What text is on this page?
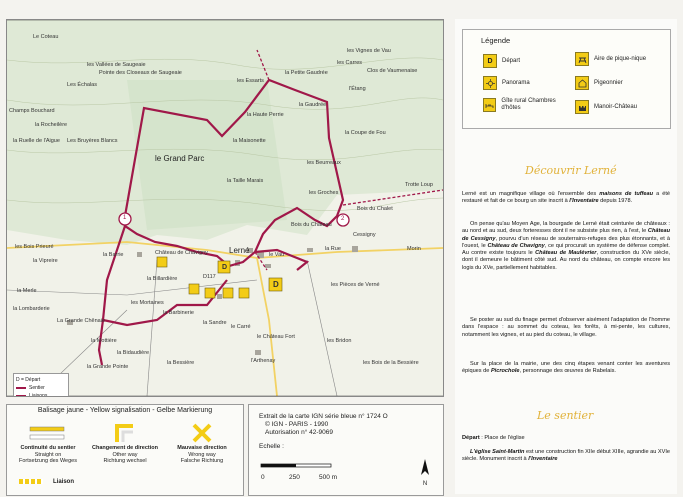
Le Coteau
les Vallées de Saugeaie
Pointe des Closeaux de Saugeaie
Les Échalas
Champs Bouchard
la Rocheilère
la Ruelle de l'Aigue Les Bruyères Blancs
le Grand Parc
la Maisonette
la Taille Marais
les Essarts
la Haute Perrie
la Petite Gaudrée
la Gaudrée
les Vignes de Vau
les Carres
Clos de Vaumenaise
l'Étang
la Coupe de Fou
les Beurreaux
les Groches
Trotte Loup
Bois du Chalet
Bois du Château
les Bois Prieuré
la Vipreire
la Barrie	Château de Chavigny	Lerné	le Vau
la Rue
Cessigny
Morin
les Pièces de Verné
la Merle
la Lombarderie
La Grande Chênaie
la Billardière
les Mortaines
la Barbinerie
le Carré
le Château Fort
les Bridon
l'Arthenay
la Bessière	les Bois de la Bessière
la Mottière
la Grande Pointe
la Bidaudière
la Sandre
D117
D
1	2
D
D = Départ
Sentier
Liaisons
Balisage jaune - Yellow signalisation - Gelbe Markierung
Continuité du sentier
Straight on
Fortsetzung des Weges
Changement de direction
Other way
Richtung wechsel
Mauvaise direction
Wrong way
Falsche Richtung
Liaison
Extrait de la carte IGN série bleue n° 1724 O
© IGN - PARIS - 1990
Autorisation n° 42-9069
Echelle :
0	250	500 m
N
Légende
D	Départ	Aire de pique-nique
Panorama	Pigeonnier
Gîte rural Chambres d'hôtes	Manoir-Château
Découvrir Lerné
Lerné est un magnifique village où l'ensemble des maisons de tuffeau a été restauré et fait de ce bourg un site inscrit à l'Inventaire depuis 1978.
On pense qu'au Moyen Age, la bourgade de Lerné était ceinturée de châteaux : au nord et au sud, deux forteresses dont il ne subsiste plus rien, à l'est, le Château de Cessigny, pourvu d'un réseau de souterrains-refuges des plus étonnants, et à l'ouest, le Château de Chavigny, ce qui procurait un système de défense complet. Au contre existe toujours le Château de Maulévrier, construction du XVe siècle, dont il demeure le bâtiment côté sud. Au nord du château, on compte encore les logis du XVe, partiellement habitables.
Se poster au sud du finage permet d'observer aisément l'adaptation de l'homme dans l'espace : au sommet du coteau, les forêts, à mi-pente, les cultures, notamment les vignes, et au pied du coteau, le village.
Sur la place de la mairie, une des cinq étapes venant conter les aventures épiques de Picrochole, personnage des œuvres de Rabelais.
Le sentier
Départ : Place de l'église
L'église Saint-Martin est une construction fin XIIe début XIIIe, agrandie au XVIe siècle. Monument inscrit à l'Inventaire
